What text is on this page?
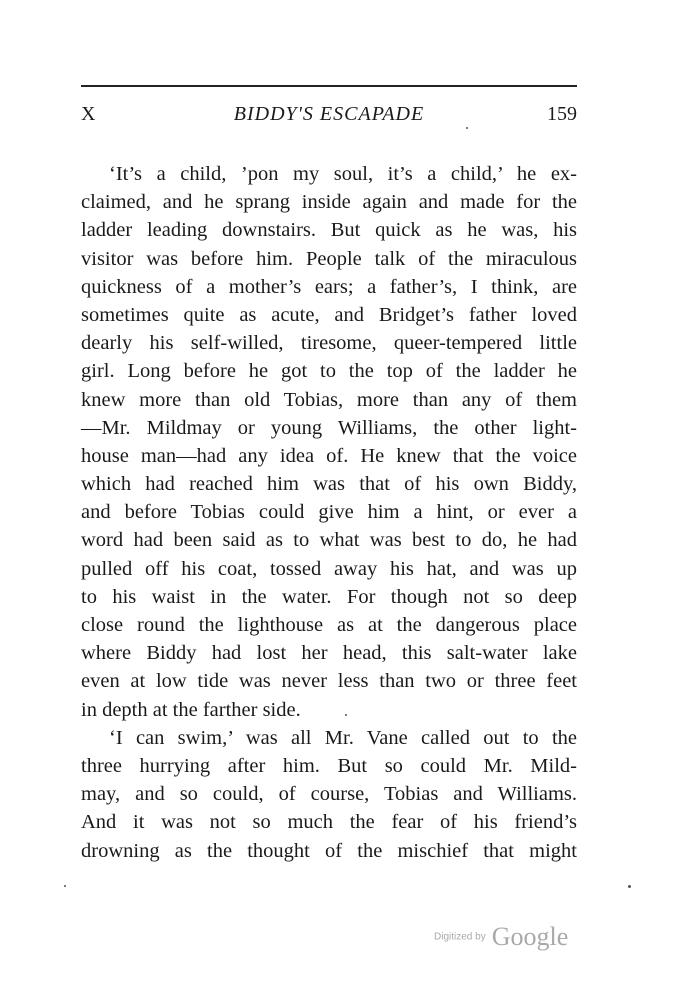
X	BIDDY'S ESCAPADE	159
‘It’s a child, ’pon my soul, it’s a child,’ he ex-
claimed, and he sprang inside again and made for the
ladder leading downstairs. But quick as he was, his
visitor was before him. People talk of the miraculous
quickness of a mother’s ears; a father’s, I think, are
sometimes quite as acute, and Bridget’s father loved
dearly his self-willed, tiresome, queer-tempered little
girl. Long before he got to the top of the ladder he
knew more than old Tobias, more than any of them
—Mr. Mildmay or young Williams, the other light-
house man—had any idea of. He knew that the voice
which had reached him was that of his own Biddy,
and before Tobias could give him a hint, or ever a
word had been said as to what was best to do, he had
pulled off his coat, tossed away his hat, and was up
to his waist in the water. For though not so deep
close round the lighthouse as at the dangerous place
where Biddy had lost her head, this salt-water lake
even at low tide was never less than two or three feet
in depth at the farther side.
‘I can swim,’ was all Mr. Vane called out to the
three hurrying after him. But so could Mr. Mild-
may, and so could, of course, Tobias and Williams.
And it was not so much the fear of his friend’s
drowning as the thought of the mischief that might
Digitized by Google
